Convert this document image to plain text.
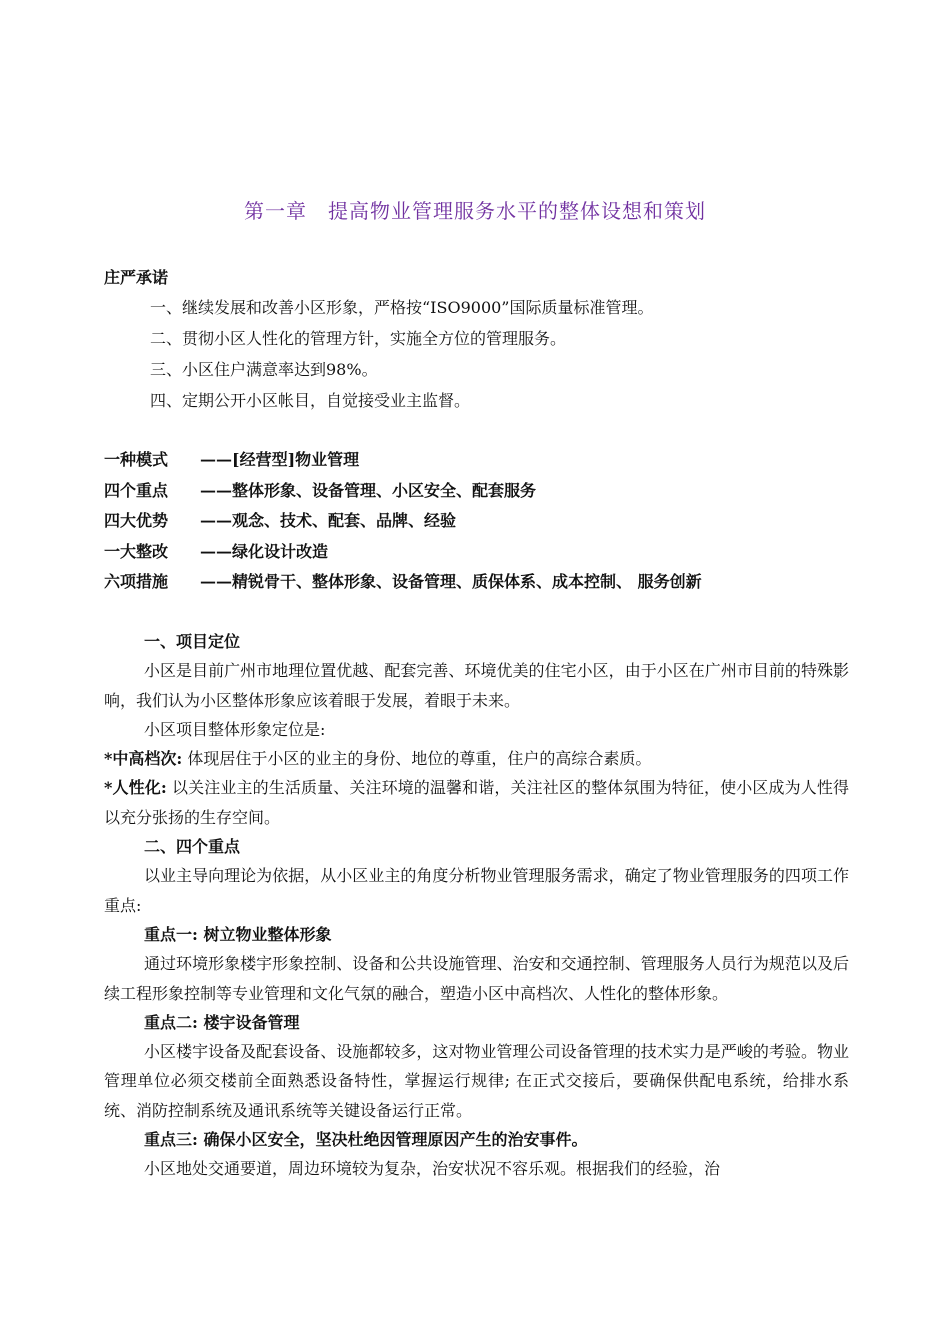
第一章　提高物业管理服务水平的整体设想和策划
庄严承诺
一、继续发展和改善小区形象，严格按“ISO9000”国际质量标准管理。
二、贯彻小区人性化的管理方针，实施全方位的管理服务。
三、小区住户满意率达到98%。
四、定期公开小区帐目，自觉接受业主监督。
一种模式	——[经营型]物业管理
四个重点	——整体形象、设备管理、小区安全、配套服务
四大优势	——观念、技术、配套、品牌、经验
一大整改	——绿化设计改造
六项措施	——精锐骨干、整体形象、设备管理、质保体系、成本控制、 服务创新

一、项目定位

小区是目前广州市地理位置优越、配套完善、环境优美的住宅小区，由于小区在广州市目前的特殊影响，我们认为小区整体形象应该着眼于发展，着眼于未来。

小区项目整体形象定位是:

*中高档次: 体现居住于小区的业主的身份、地位的尊重，住户的高综合素质。

*人性化: 以关注业主的生活质量、关注环境的温馨和谐，关注社区的整体氛围为特征，使小区成为人性得以充分张扬的生存空间。

二、四个重点

以业主导向理论为依据，从小区业主的角度分析物业管理服务需求，确定了物业管理服务的四项工作重点:

重点一: 树立物业整体形象

通过环境形象楼宇形象控制、设备和公共设施管理、治安和交通控制、管理服务人员行为规范以及后续工程形象控制等专业管理和文化气氛的融合，塑造小区中高档次、人性化的整体形象。

重点二: 楼宇设备管理

小区楼宇设备及配套设备、设施都较多，这对物业管理公司设备管理的技术实力是严峻的考验。物业管理单位必须交楼前全面熟悉设备特性，掌握运行规律; 在正式交接后，要确保供配电系统，给排水系统、消防控制系统及通讯系统等关键设备运行正常。

重点三: 确保小区安全，坚决杜绝因管理原因产生的治安事件。

小区地处交通要道，周边环境较为复杂，治安状况不容乐观。根据我们的经验，治
